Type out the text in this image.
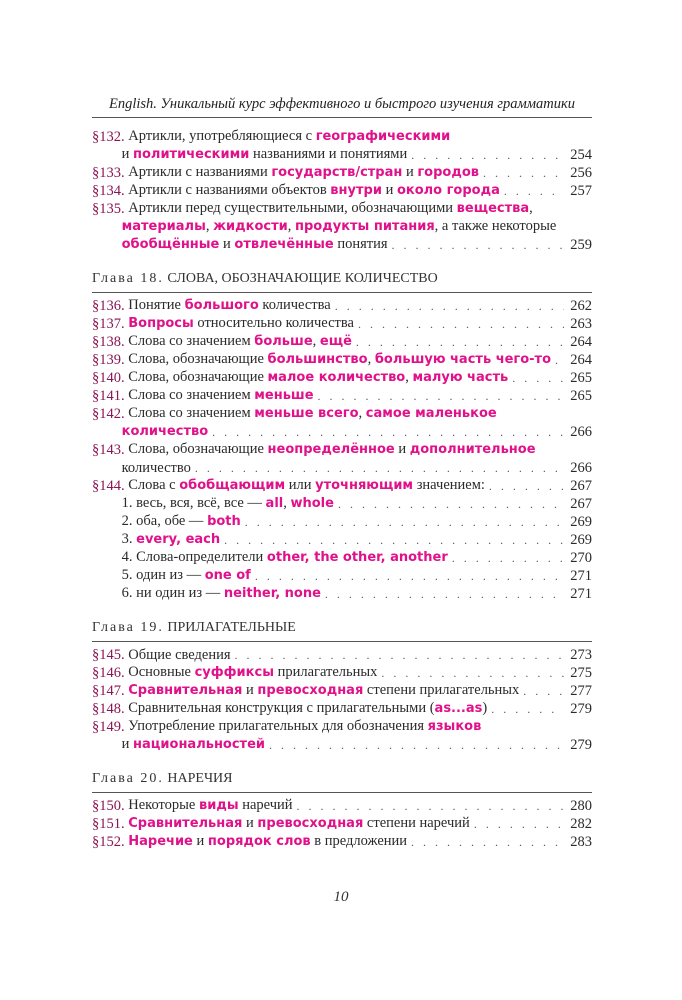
English. Уникальный курс эффективного и быстрого изучения грамматики
§132. Артикли, употребляющиеся с географическими
и политическими названиями и понятиями . . .	254
§133. Артикли с названиями государств/стран и городов . . .	256
§134. Артикли с названиями объектов внутри и около города . . .	257
§135. Артикли перед существительными, обозначающими вещества,
материалы, жидкости, продукты питания, а также некоторые
обобщённые и отвлечённые понятия . . .	259
Глава 18.
СЛОВА, ОБОЗНАЧАЮЩИЕ КОЛИЧЕСТВО
§136. Понятие большого количества . . .	262
§137. Вопросы относительно количества . . .	263
§138. Слова со значением больше, ещё . . .	264
§139. Слова, обозначающие большинство, большую часть чего-то . . . 264
§140. Слова, обозначающие малое количество, малую часть . . .	265
§141. Слова со значением меньше . . .	265
§142. Слова со значением меньше всего, самое маленькое
количество . . .	266
§143. Слова, обозначающие неопределённое и дополнительное
количество . . .	266
§144. Слова с обобщающим или уточняющим значением: . . .	267
1. весь, вся, всё, все — all, whole . . .	267
2. оба, обе — both . . .	269
3. every, each . . .	269
4. Слова-определители other, the other, another . . .	270
5. один из — one of . . .	271
6. ни один из — neither, none . . .	271
Глава 19.
ПРИЛАГАТЕЛЬНЫЕ
§145. Общие сведения . . .	273
§146. Основные суффиксы прилагательных . . .	275
§147. Сравнительная и превосходная степени прилагательных . . .	277
§148. Сравнительная конструкция с прилагательными (as...as) . . .	279
§149. Употребление прилагательных для обозначения языков
и национальностей . . .	279
Глава 20.
НАРЕЧИЯ
§150. Некоторые виды наречий . . .	280
§151. Сравнительная и превосходная степени наречий . . .	282
§152. Наречие и порядок слов в предложении . . .	283
10
